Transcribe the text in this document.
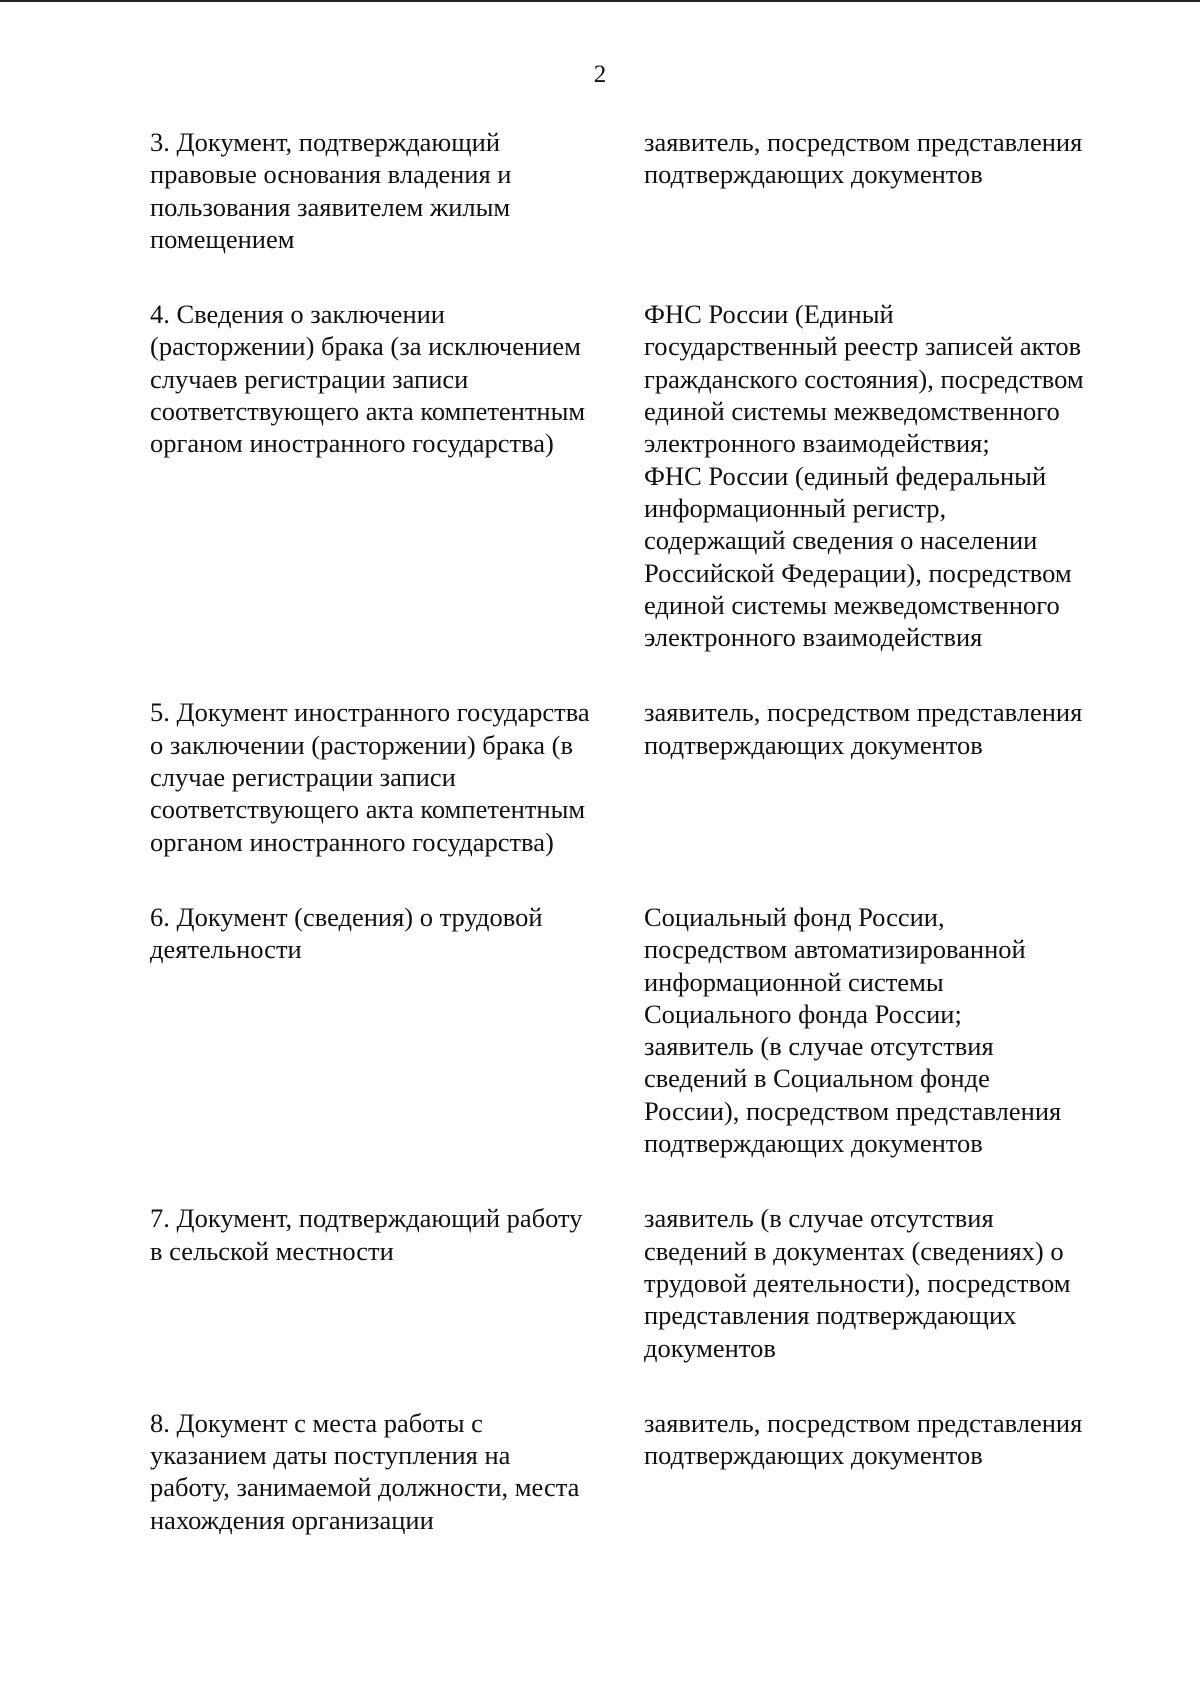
2
3. Документ, подтверждающий
правовые основания владения и
пользования заявителем жилым
помещением
заявитель, посредством представления
подтверждающих документов
4. Сведения о заключении
(расторжении) брака (за исключением
случаев регистрации записи
соответствующего акта компетентным
органом иностранного государства)
ФНС России (Единый
государственный реестр записей актов
гражданского состояния), посредством
единой системы межведомственного
электронного взаимодействия;
ФНС России (единый федеральный
информационный регистр,
содержащий сведения о населении
Российской Федерации), посредством
единой системы межведомственного
электронного взаимодействия
5. Документ иностранного государства
о заключении (расторжении) брака (в
случае регистрации записи
соответствующего акта компетентным
органом иностранного государства)
заявитель, посредством представления
подтверждающих документов
6. Документ (сведения) о трудовой
деятельности
Социальный фонд России,
посредством автоматизированной
информационной системы
Социального фонда России;
заявитель (в случае отсутствия
сведений в Социальном фонде
России), посредством представления
подтверждающих документов
7. Документ, подтверждающий работу
в сельской местности
заявитель (в случае отсутствия
сведений в документах (сведениях) о
трудовой деятельности), посредством
представления подтверждающих
документов
8. Документ с места работы с
указанием даты поступления на
работу, занимаемой должности, места
нахождения организации
заявитель, посредством представления
подтверждающих документов
